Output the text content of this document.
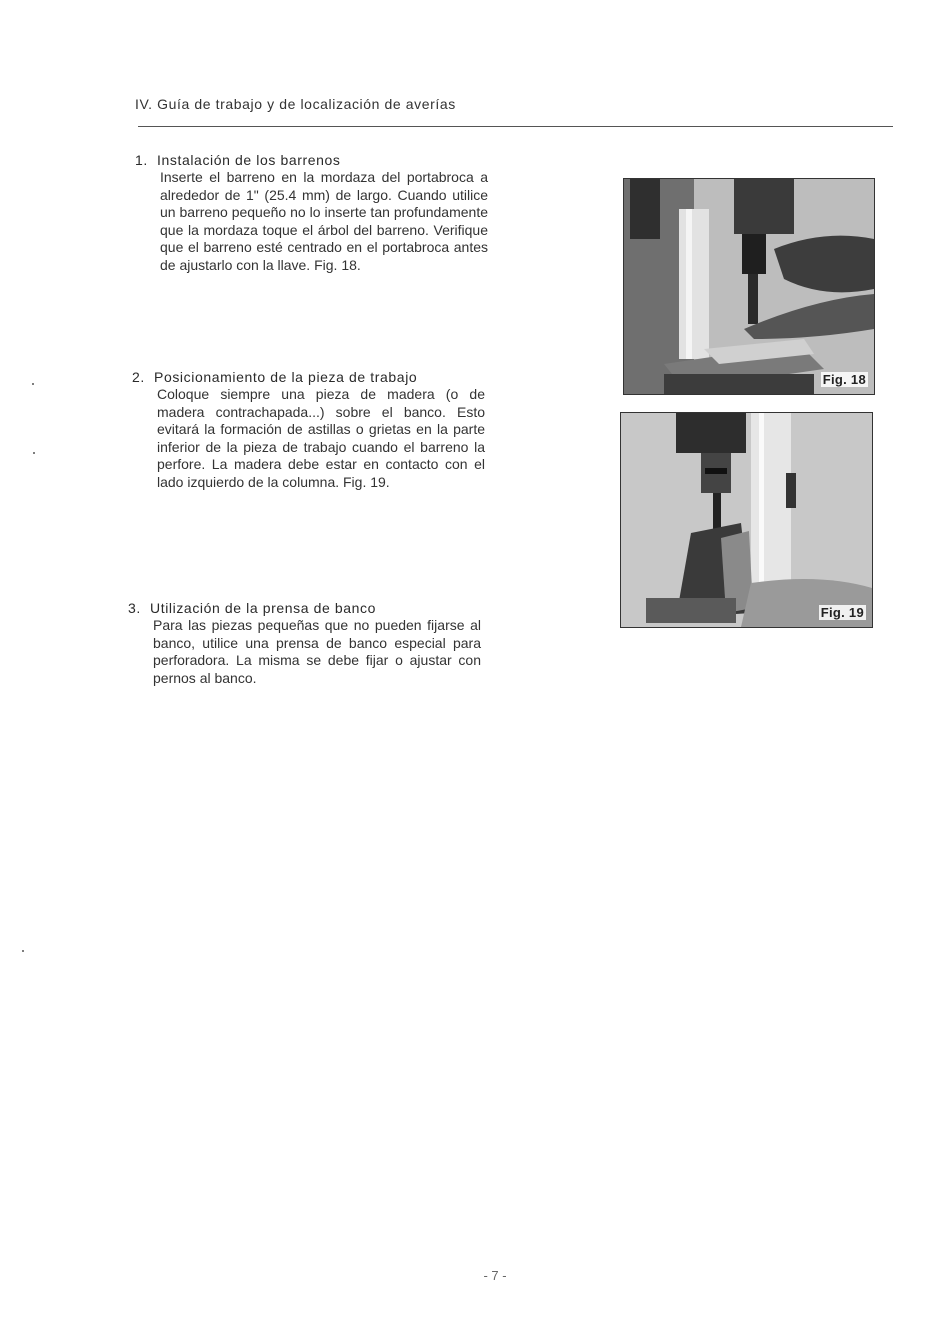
IV. Guía de trabajo y de localización de averías
1. Instalación de los barrenos
Inserte el barreno en la mordaza del portabroca a alrededor de 1" (25.4 mm) de largo. Cuando utilice un barreno pequeño no lo inserte tan profundamente que la mordaza toque el árbol del barreno. Verifique que el barreno esté centrado en el portabroca antes de ajustarlo con la llave. Fig. 18.
2. Posicionamiento de la pieza de trabajo
Coloque siempre una pieza de madera (o de madera contrachapada...) sobre el banco. Esto evitará la formación de astillas o grietas en la parte inferior de la pieza de trabajo cuando el barreno la perfore. La madera debe estar en contacto con el lado izquierdo de la columna. Fig. 19.
3. Utilización de la prensa de banco
Para las piezas pequeñas que no pueden fijarse al banco, utilice una prensa de banco especial para perforadora. La misma se debe fijar o ajustar con pernos al banco.
Fig. 18
Fig. 19
- 7 -
